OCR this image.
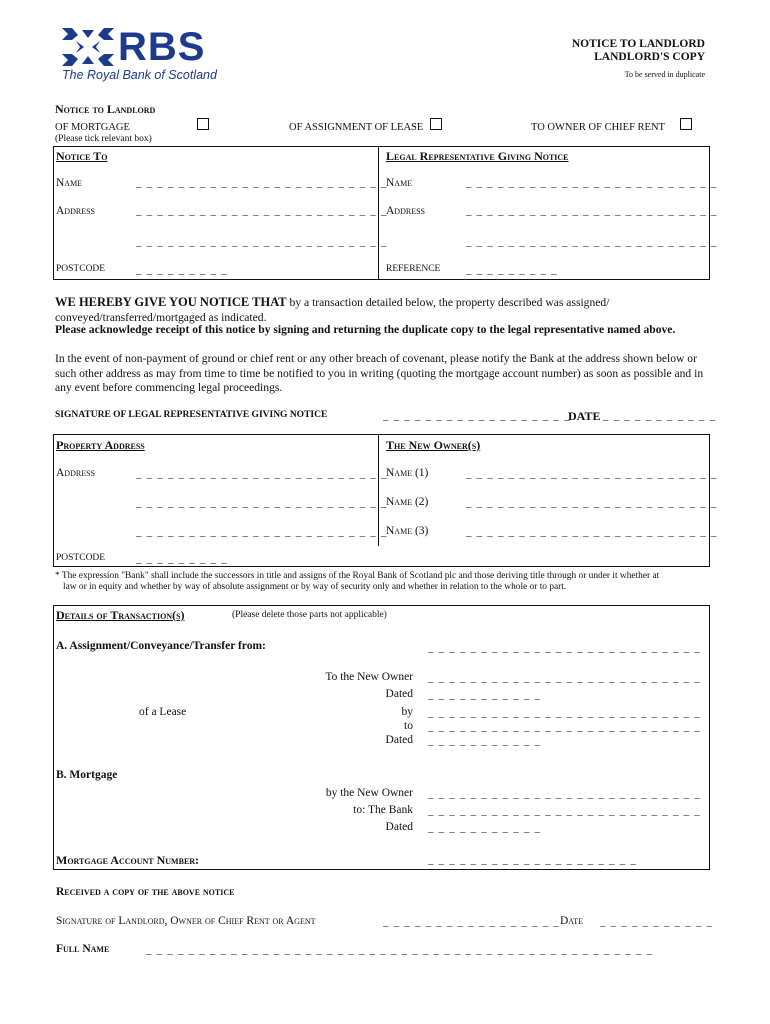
RBS
The Royal Bank of Scotland
NOTICE TO LANDLORD
LANDLORD'S COPY
To be served in duplicate
Notice to Landlord
OF MORTGAGE	OF ASSIGNMENT OF LEASE	TO OWNER OF CHIEF RENT
(Please tick relevant box)
Notice To
Name	_ _ _ _ _ _ _ _ _ _ _ _ _ _ _ _ _ _ _ _ _ _ _ _
Address	_ _ _ _ _ _ _ _ _ _ _ _ _ _ _ _ _ _ _ _ _ _ _ _
_ _ _ _ _ _ _ _ _ _ _ _ _ _ _ _ _ _ _ _ _ _ _ _
POSTCODE	_ _ _ _ _ _ _ _ _
Legal Representative Giving Notice
Name	_ _ _ _ _ _ _ _ _ _ _ _ _ _ _ _ _ _ _ _ _ _ _ _
Address	_ _ _ _ _ _ _ _ _ _ _ _ _ _ _ _ _ _ _ _ _ _ _ _
_ _ _ _ _ _ _ _ _ _ _ _ _ _ _ _ _ _ _ _ _ _ _ _
REFERENCE _ _ _ _ _ _ _ _ _
WE HEREBY GIVE YOU NOTICE THAT by a transaction detailed below, the property described was assigned/ conveyed/transferred/mortgaged as indicated.
Please acknowledge receipt of this notice by signing and returning the duplicate copy to the legal representative named above.
In the event of non-payment of ground or chief rent or any other breach of covenant, please notify the Bank at the address shown below or such other address as may from time to time be notified to you in writing (quoting the mortgage account number) as soon as possible and in any event before commencing legal proceedings.
SIGNATURE OF LEGAL REPRESENTATIVE GIVING NOTICE	_ _ _ _ _ _ _ _ _ _ _ _ _ _ _ _ _ _
DATE _ _ _ _ _ _ _ _ _ _ _
Property Address
Address	_ _ _ _ _ _ _ _ _ _ _ _ _ _ _ _ _ _ _ _ _ _ _ _
_ _ _ _ _ _ _ _ _ _ _ _ _ _ _ _ _ _ _ _ _ _ _ _
_ _ _ _ _ _ _ _ _ _ _ _ _ _ _ _ _ _ _ _ _ _ _ _
POSTCODE	_ _ _ _ _ _ _ _ _
The New Owner(s)
Name (1)	_ _ _ _ _ _ _ _ _ _ _ _ _ _ _ _ _ _ _ _ _ _ _ _
Name (2)	_ _ _ _ _ _ _ _ _ _ _ _ _ _ _ _ _ _ _ _ _ _ _ _
Name (3)	_ _ _ _ _ _ _ _ _ _ _ _ _ _ _ _ _ _ _ _ _ _ _ _
* The expression "Bank" shall include the successors in title and assigns of the Royal Bank of Scotland plc and those deriving title through or under it whether at law or in equity and whether by way of absolute assignment or by way of security only and whether in relation to the whole or to part.
Details of Transaction(s)	(Please delete those parts not applicable)
A. Assignment/Conveyance/Transfer from:	_ _ _ _ _ _ _ _ _ _ _ _ _ _ _ _ _ _ _ _ _ _ _ _ _ _
To the New Owner _ _ _ _ _ _ _ _ _ _ _ _ _ _ _ _ _ _ _ _ _ _ _ _ _ _
Dated _ _ _ _ _ _ _ _ _ _ _
of a Lease	by _ _ _ _ _ _ _ _ _ _ _ _ _ _ _ _ _ _ _ _ _ _ _ _ _ _
to _ _ _ _ _ _ _ _ _ _ _ _ _ _ _ _ _ _ _ _ _ _ _ _ _ _
Dated _ _ _ _ _ _ _ _ _ _ _
B. Mortgage
by the New Owner _ _ _ _ _ _ _ _ _ _ _ _ _ _ _ _ _ _ _ _ _ _ _ _ _ _
to: The Bank _ _ _ _ _ _ _ _ _ _ _ _ _ _ _ _ _ _ _ _ _ _ _ _ _ _
Dated _ _ _ _ _ _ _ _ _ _ _
Mortgage Account Number:	_ _ _ _ _ _ _ _ _ _ _ _ _ _ _ _ _ _ _ _
Received a copy of the above notice
Signature of Landlord, Owner of Chief Rent or Agent	_ _ _ _ _ _ _ _ _ _ _ _ _ _ _ _ _ Date _ _ _ _ _ _ _ _ _ _ _
Full Name	_ _ _ _ _ _ _ _ _ _ _ _ _ _ _ _ _ _ _ _ _ _ _ _ _ _ _ _ _ _ _ _ _ _ _ _ _ _ _ _ _ _ _ _ _ _ _ _
